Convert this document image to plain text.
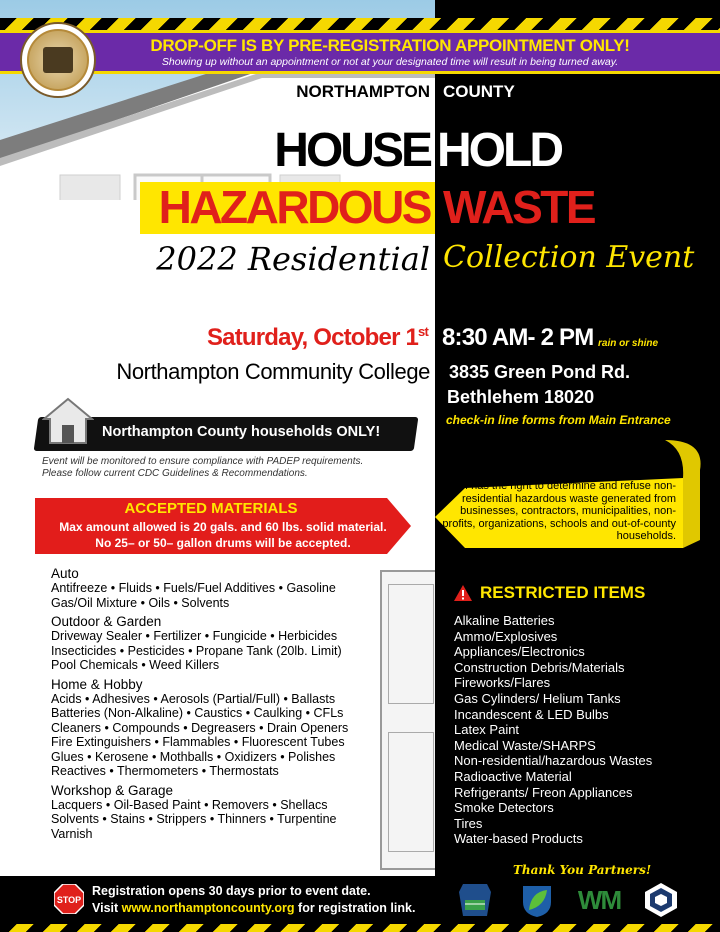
DROP-OFF IS BY PRE-REGISTRATION APPOINTMENT ONLY!
Showing up without an appointment or not at your designated time will result in being turned away.
NORTHAMPTON COUNTY
HOUSE HOLD
HAZARDOUS WASTE
2022 Residential Collection Event
Saturday, October 1st 8:30 AM- 2 PM rain or shine
Northampton Community College 3835 Green Pond Rd.
Bethlehem 18020
check-in line forms from Main Entrance
Northampton County households ONLY!
Event will be monitored to ensure compliance with PADEP requirements.
Please follow current CDC Guidelines & Recommendations.
Staff has the right to determine and refuse non-residential hazardous waste generated from businesses, contractors, municipalities, non-profits, organizations, schools and out-of-county households.
ACCEPTED MATERIALS
Max amount allowed is 20 gals. and 60 lbs. solid material.
No 25– or 50– gallon drums will be accepted.
Auto
Antifreeze • Fluids • Fuels/Fuel Additives • Gasoline
Gas/Oil Mixture • Oils • Solvents
Outdoor & Garden
Driveway Sealer • Fertilizer • Fungicide • Herbicides
Insecticides • Pesticides • Propane Tank (20lb. Limit)
Pool Chemicals • Weed Killers
Home & Hobby
Acids • Adhesives • Aerosols (Partial/Full) • Ballasts
Batteries (Non-Alkaline) • Caustics • Caulking • CFLs
Cleaners • Compounds • Degreasers • Drain Openers
Fire Extinguishers • Flammables • Fluorescent Tubes
Glues • Kerosene • Mothballs • Oxidizers • Polishes
Reactives • Thermometers • Thermostats
Workshop & Garage
Lacquers • Oil-Based Paint • Removers • Shellacs
Solvents • Stains • Strippers • Thinners • Turpentine
Varnish
RESTRICTED ITEMS
Alkaline Batteries
Ammo/Explosives
Appliances/Electronics
Construction Debris/Materials
Fireworks/Flares
Gas Cylinders/ Helium Tanks
Incandescent & LED Bulbs
Latex Paint
Medical Waste/SHARPS
Non-residential/hazardous Wastes
Radioactive Material
Refrigerants/ Freon Appliances
Smoke Detectors
Tires
Water-based Products
STOP
Registration opens 30 days prior to event date.
Visit www.northamptoncounty.org for registration link.
Thank You Partners!
WM
